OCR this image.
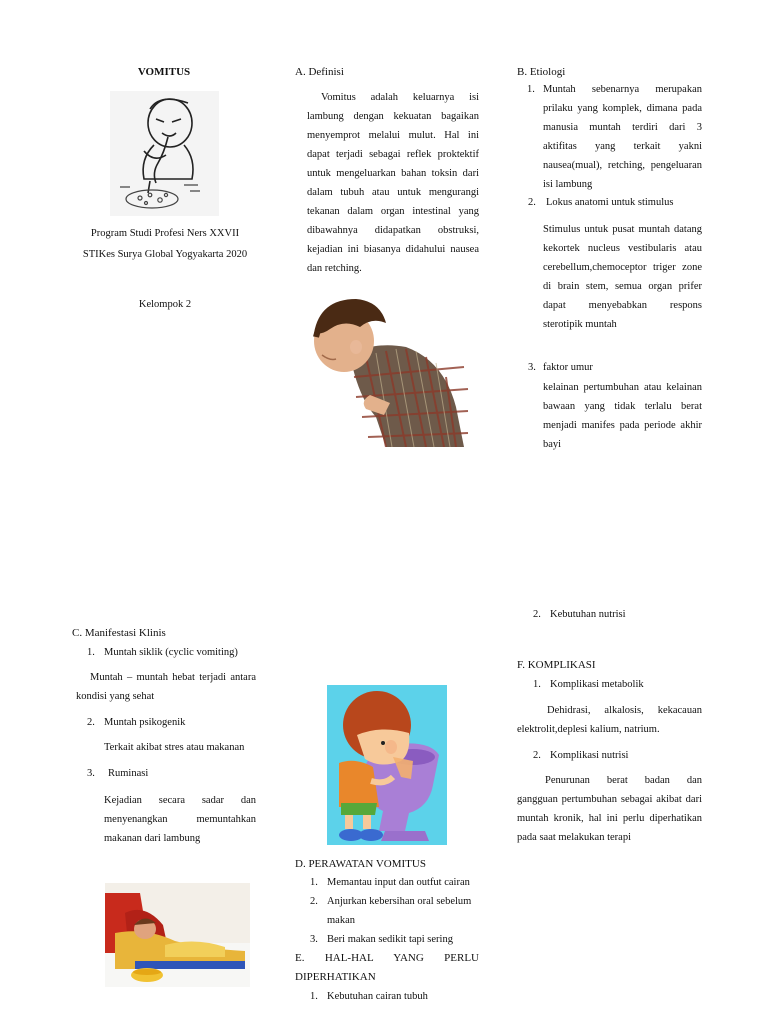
VOMITUS
Program Studi Profesi Ners XXVII
STIKes Surya Global Yogyakarta 2020
Kelompok 2
C. Manifestasi Klinis
1. Muntah siklik (cyclic vomiting)
Muntah – muntah hebat terjadi antara kondisi yang sehat
2. Muntah psikogenik
Terkait akibat stres atau makanan
3. Ruminasi
Kejadian secara sadar dan menyenangkan memuntahkan makanan dari lambung
A. Definisi
Vomitus adalah keluarnya isi lambung dengan kekuatan bagaikan menyemprot melalui mulut. Hal ini dapat terjadi sebagai reflek proktektif untuk mengeluarkan bahan toksin dari dalam tubuh atau untuk mengurangi tekanan dalam organ intestinal yang dibawahnya didapatkan obstruksi, kejadian ini biasanya didahului nausea dan retching.
D. PERAWATAN VOMITUS
1. Memantau input dan outfut cairan
2. Anjurkan kebersihan oral sebelum makan
3. Beri makan sedikit tapi sering
E. HAL-HAL YANG PERLU DIPERHATIKAN
1. Kebutuhan cairan tubuh
B. Etiologi
1. Muntah sebenarnya merupakan prilaku yang komplek, dimana pada manusia muntah terdiri dari 3 aktifitas yang terkait yakni nausea(mual), retching, pengeluaran isi lambung
2. Lokus anatomi untuk stimulus
Stimulus untuk pusat muntah datang kekortek nucleus vestibularis atau cerebellum,chemoceptor triger zone di brain stem, semua organ prifer dapat menyebabkan respons sterotipik muntah
3. faktor umur
kelainan pertumbuhan atau kelainan bawaan yang tidak terlalu berat menjadi manifes pada periode akhir bayi
2. Kebutuhan nutrisi
F. KOMPLIKASI
1. Komplikasi metabolik
Dehidrasi, alkalosis, kekacauan elektrolit,deplesi kalium, natrium.
2. Komplikasi nutrisi
Penurunan berat badan dan gangguan pertumbuhan sebagai akibat dari muntah kronik, hal ini perlu diperhatikan pada saat melakukan terapi
